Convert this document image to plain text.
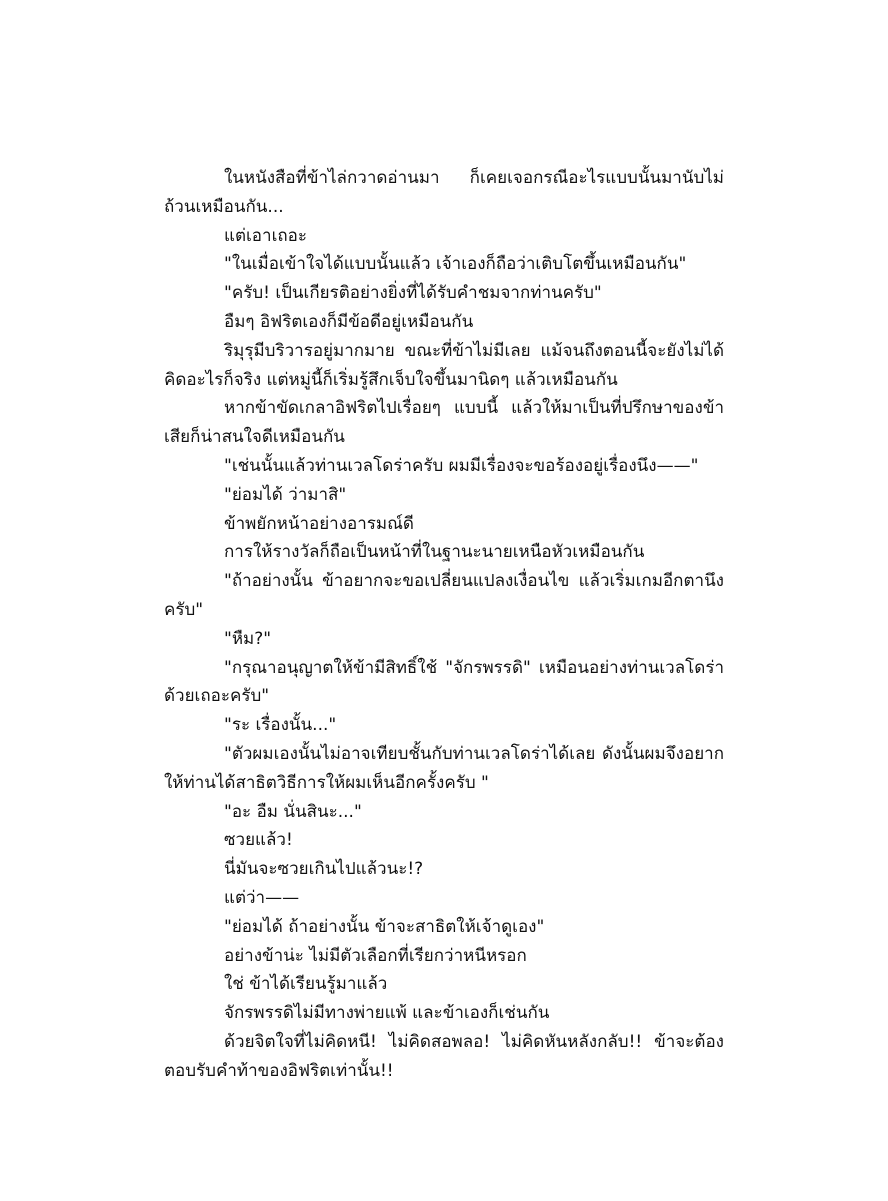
ในหนังสือที่ข้าไล่กวาดอ่านมา ก็เคยเจอกรณีอะไรแบบนั้นมานับไม่ถ้วนเหมือนกัน...

แต่เอาเถอะ

"ในเมื่อเข้าใจได้แบบนั้นแล้ว เจ้าเองก็ถือว่าเติบโตขึ้นเหมือนกัน"

"ครับ! เป็นเกียรติอย่างยิ่งที่ได้รับคำชมจากท่านครับ"

อืมๆ อิฟริตเองก็มีข้อดีอยู่เหมือนกัน

ริมุรุมีบริวารอยู่มากมาย ขณะที่ข้าไม่มีเลย แม้จนถึงตอนนี้จะยังไม่ได้คิดอะไรก็จริง แต่หมู่นี้ก็เริ่มรู้สึกเจ็บใจขึ้นมานิดๆ แล้วเหมือนกัน

หากข้าขัดเกลาอิฟริตไปเรื่อยๆ แบบนี้ แล้วให้มาเป็นที่ปรึกษาของข้าเสียก็น่าสนใจดีเหมือนกัน

"เช่นนั้นแล้วท่านเวลโดร่าครับ ผมมีเรื่องจะขอร้องอยู่เรื่องนึง——"

"ย่อมได้ ว่ามาสิ"

ข้าพยักหน้าอย่างอารมณ์ดี

การให้รางวัลก็ถือเป็นหน้าที่ในฐานะนายเหนือหัวเหมือนกัน

"ถ้าอย่างนั้น ข้าอยากจะขอเปลี่ยนแปลงเงื่อนไข แล้วเริ่มเกมอีกตานึงครับ"

"หืม?"

"กรุณาอนุญาตให้ข้ามีสิทธิ์ใช้ "จักรพรรดิ" เหมือนอย่างท่านเวลโดร่าด้วยเถอะครับ"

"ระ เรื่องนั้น..."

"ตัวผมเองนั้นไม่อาจเทียบชั้นกับท่านเวลโดร่าได้เลย ดังนั้นผมจึงอยากให้ท่านได้สาธิตวิธีการให้ผมเห็นอีกครั้งครับ "

"อะ อืม นั่นสินะ..."

ซวยแล้ว!

นี่มันจะซวยเกินไปแล้วนะ!?

แต่ว่า——

"ย่อมได้ ถ้าอย่างนั้น ข้าจะสาธิตให้เจ้าดูเอง"

อย่างข้าน่ะ ไม่มีตัวเลือกที่เรียกว่าหนีหรอก

ใช่ ข้าได้เรียนรู้มาแล้ว

จักรพรรดิไม่มีทางพ่ายแพ้ และข้าเองก็เช่นกัน

ด้วยจิตใจที่ไม่คิดหนี! ไม่คิดสอพลอ! ไม่คิดหันหลังกลับ!! ข้าจะต้องตอบรับคำท้าของอิฟริตเท่านั้น!!
